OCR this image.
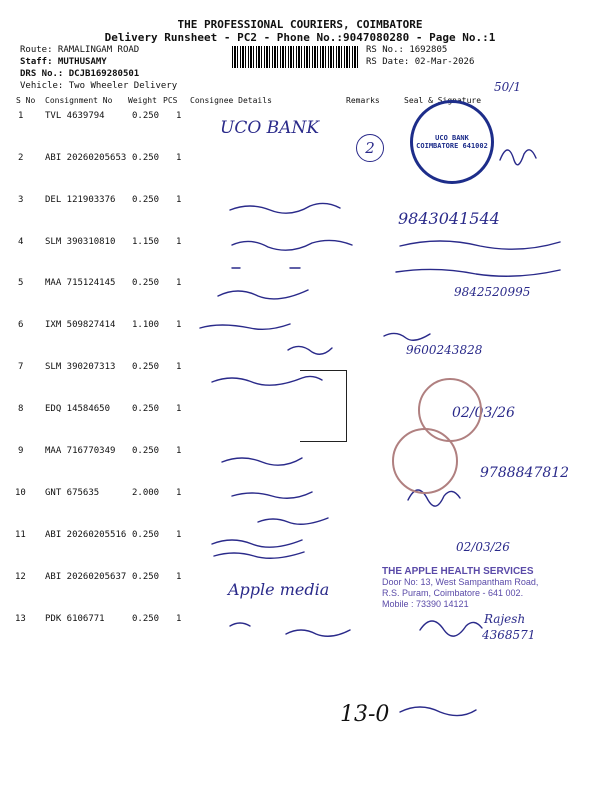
THE PROFESSIONAL COURIERS, COIMBATORE
Delivery Runsheet - PC2 - Phone No.:9047080280 - Page No.:1
Route: RAMALINGAM ROAD
Staff: MUTHUSAMY
DRS No.: DCJB169280501
Vehicle: Two Wheeler Delivery
RS No.: 1692805
RS Date: 02-Mar-2026
S No Consignment No Weight PCS Consignee Details	Remarks	Seal & Signature
1 TVL 4639794	0.250 1
2 ABI 20260205653 0.250 1
3 DEL 121903376 0.250 1
4 SLM 390310810 1.150 1
5 MAA 715124145 0.250 1
6 IXM 509827414 1.100 1
7 SLM 390207313 0.250 1
8 EDQ 14584650 0.250 1
9 MAA 716770349 0.250 1
10 GNT 675635	2.000 1
11 ABI 20260205516 0.250 1
12 ABI 20260205637 0.250 1
13 PDK 6106771	0.250 1
50/1
UCO BANK
2
9843041544
9842520995
9600243828
02/03/26
9788847812
02/03/26
Apple media
Rajesh
4368571
13-0
UCO BANK COIMBATORE 641002
THE APPLE HEALTH SERVICES
Door No: 13, West Sampantham Road,
R.S. Puram, Coimbatore - 641 002.
Mobile : 73390 14121
